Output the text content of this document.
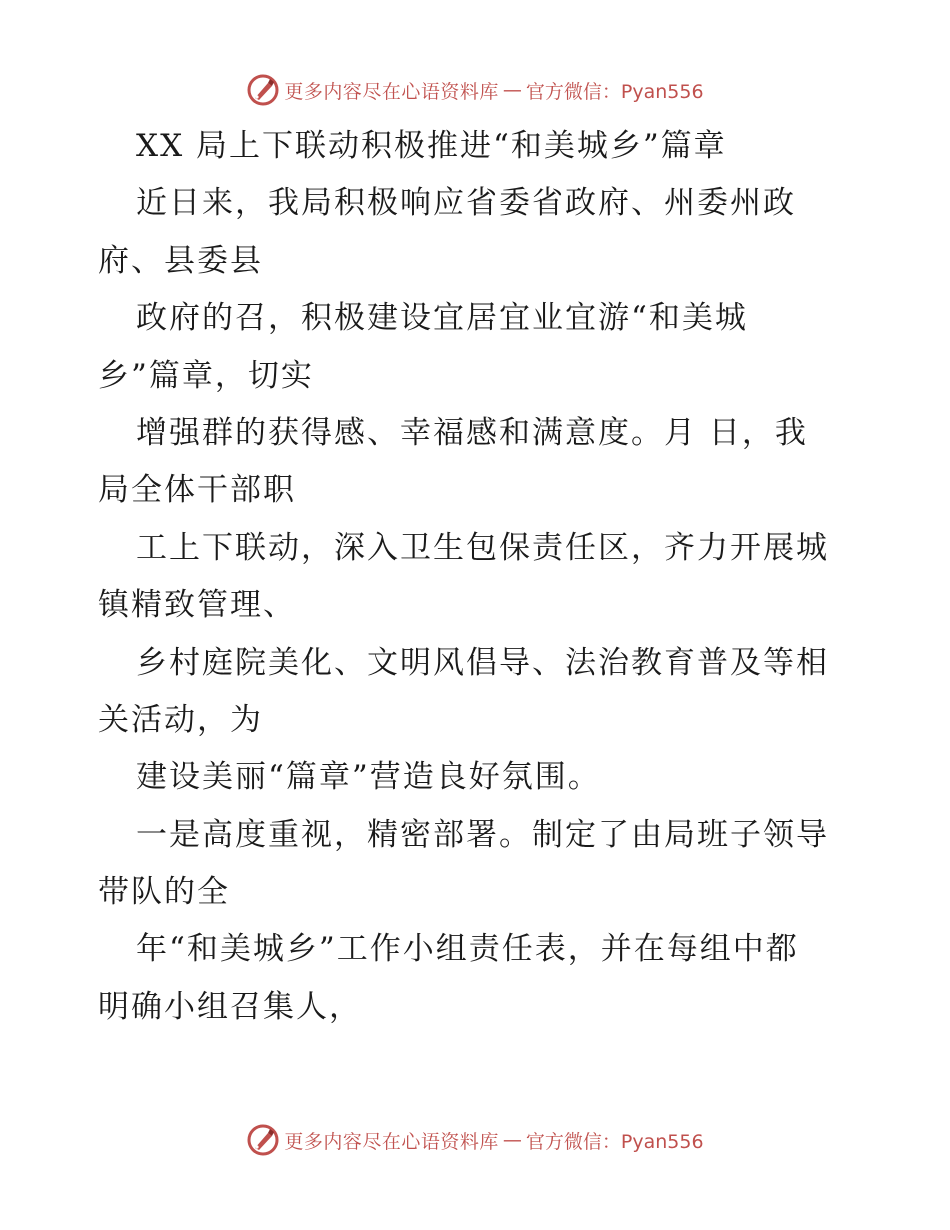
更多内容尽在心语资料库 — 官方微信：Pyan556
XX 局上下联动积极推进“和美城乡”篇章
近日来，我局积极响应省委省政府、州委州政
府、县委县
政府的召，积极建设宜居宜业宜游“和美城
乡”篇章，切实
增强群的获得感、幸福感和满意度。月 日，我
局全体干部职
工上下联动，深入卫生包保责任区，齐力开展城
镇精致管理、
乡村庭院美化、文明风倡导、法治教育普及等相
关活动，为
建设美丽“篇章”营造良好氛围。
一是高度重视，精密部署。制定了由局班子领导
带队的全
年“和美城乡”工作小组责任表，并在每组中都
明确小组召集人，
更多内容尽在心语资料库 — 官方微信：Pyan556
